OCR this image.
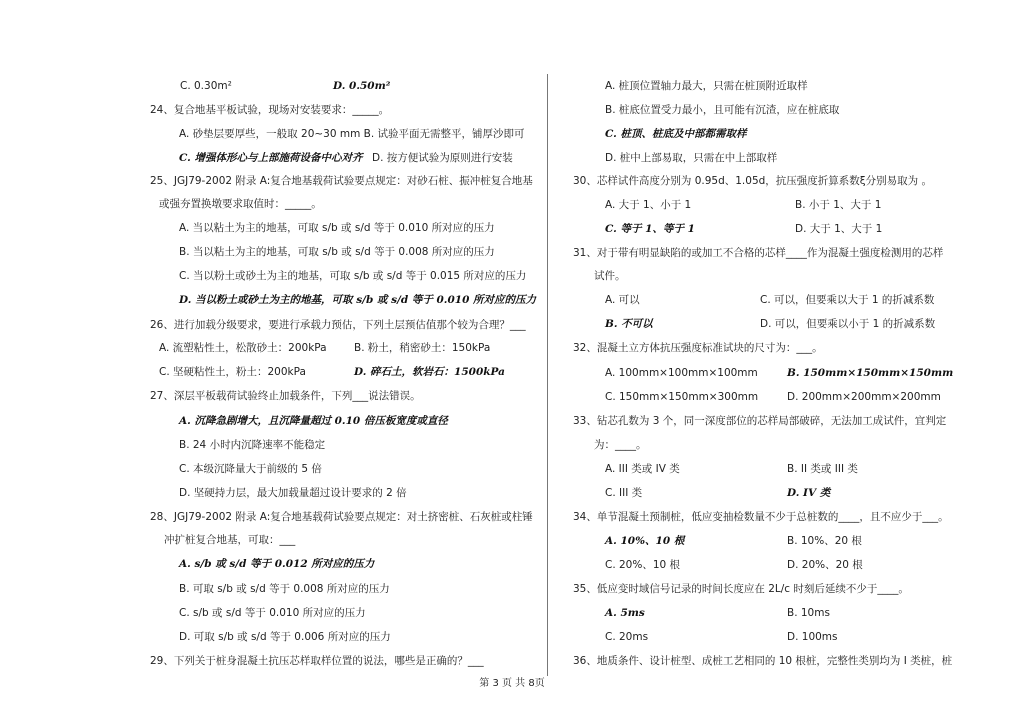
C. 0.30m²	D. 0.50m²
24、复合地基平板试验，现场对安装要求：_____。
A. 砂垫层要厚些，一般取 20~30 mm B. 试验平面无需整平，铺厚沙即可
C. 增强体形心与上部施荷设备中心对齐 D. 按方便试验为原则进行安装
25、JGJ79-2002 附录 A:复合地基载荷试验要点规定：对砂石桩、振冲桩复合地基
或强夯置换墩要求取值时：_____。
A. 当以粘土为主的地基，可取 s/b 或 s/d 等于 0.010 所对应的压力
B. 当以粘土为主的地基，可取 s/b 或 s/d 等于 0.008 所对应的压力
C. 当以粉土或砂土为主的地基，可取 s/b 或 s/d 等于 0.015 所对应的压力
D. 当以粉土或砂土为主的地基，可取 s/b 或 s/d 等于 0.010 所对应的压力
26、进行加载分级要求，要进行承载力预估，下列土层预估值那个较为合理？___
A. 流塑粘性土，松散砂土：200kPa	B. 粉土，稍密砂土：150kPa
C. 坚硬粘性土，粉土：200kPa	D. 碎石土，软岩石：1500kPa
27、深层平板载荷试验终止加载条件，下列___说法错误。
A. 沉降急剧增大，且沉降量超过 0.10 倍压板宽度或直径
B. 24 小时内沉降速率不能稳定
C. 本级沉降量大于前级的 5 倍
D. 坚硬持力层，最大加载量超过设计要求的 2 倍
28、JGJ79-2002 附录 A:复合地基载荷试验要点规定：对土挤密桩、石灰桩或柱锤
冲扩桩复合地基，可取：___
A. s/b 或 s/d 等于 0.012 所对应的压力
B. 可取 s/b 或 s/d 等于 0.008 所对应的压力
C. s/b 或 s/d 等于 0.010 所对应的压力
D. 可取 s/b 或 s/d 等于 0.006 所对应的压力
29、下列关于桩身混凝土抗压芯样取样位置的说法，哪些是正确的？___
A. 桩顶位置轴力最大，只需在桩顶附近取样
B. 桩底位置受力最小，且可能有沉渣，应在桩底取
C. 桩顶、桩底及中部都需取样
D. 桩中上部易取，只需在中上部取样
30、芯样试件高度分别为 0.95d、1.05d，抗压强度折算系数ξ分别易取为 。
A. 大于 1、小于 1	B. 小于 1、大于 1
C. 等于 1、等于 1	D. 大于 1、大于 1
31、对于带有明显缺陷的或加工不合格的芯样____作为混凝土强度检测用的芯样
试件。
A. 可以	C. 可以，但要乘以大于 1 的折减系数
B. 不可以	D. 可以，但要乘以小于 1 的折减系数
32、混凝土立方体抗压强度标准试块的尺寸为：___。
A. 100mm×100mm×100mm	B. 150mm×150mm×150mm
C. 150mm×150mm×300mm	D. 200mm×200mm×200mm
33、钻芯孔数为 3 个，同一深度部位的芯样局部破碎，无法加工成试件，宜判定
为：____。
A. III 类或 IV 类	B. II 类或 III 类
C. III 类	D. IV 类
34、单节混凝土预制桩，低应变抽检数量不少于总桩数的____，且不应少于___。
A. 10%、10 根	B. 10%、20 根
C. 20%、10 根	D. 20%、20 根
35、低应变时域信号记录的时间长度应在 2L/c 时刻后延续不少于____。
A. 5ms	B. 10ms
C. 20ms	D. 100ms
36、地质条件、设计桩型、成桩工艺相同的 10 根桩，完整性类别均为 I 类桩，桩
第 3 页 共 8页
